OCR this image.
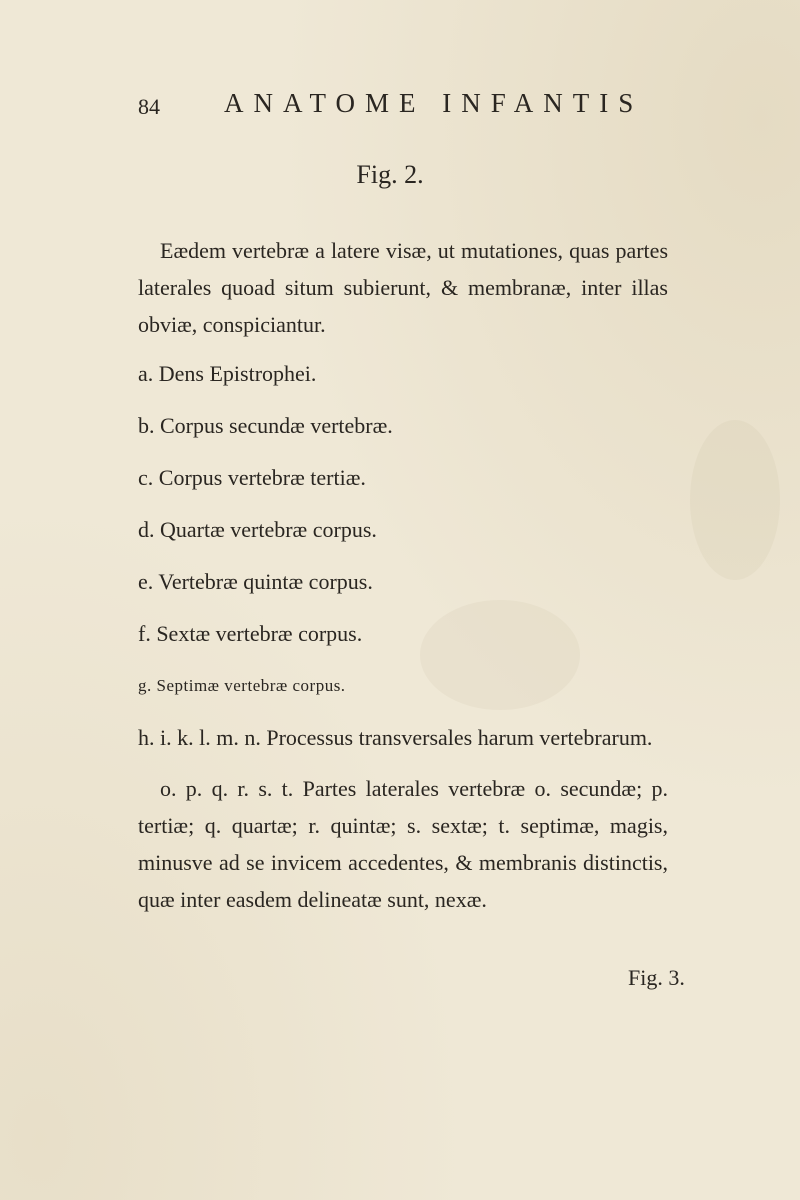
84 ANATOME INFANTIS
Fig. 2.

Eædem vertebræ a latere visæ, ut mutationes, quas partes laterales quoad situm subierunt, & membranæ, inter illas obviæ, conspiciantur.

a. Dens Epistrophei.

b. Corpus secundæ vertebræ.

c. Corpus vertebræ tertiæ.

d. Quartæ vertebræ corpus.

e. Vertebræ quintæ corpus.

f. Sextæ vertebræ corpus.

g. Septimæ vertebræ corpus.

h. i. k. l. m. n. Processus transversales harum vertebrarum.

o. p. q. r. s. t. Partes laterales vertebræ o. secundæ; p. tertiæ; q. quartæ; r. quintæ; s. sextæ; t. septimæ, magis, minusve ad se invicem accedentes, & membranis distinctis, quæ inter easdem delineatæ sunt, nexæ.

Fig. 3.
